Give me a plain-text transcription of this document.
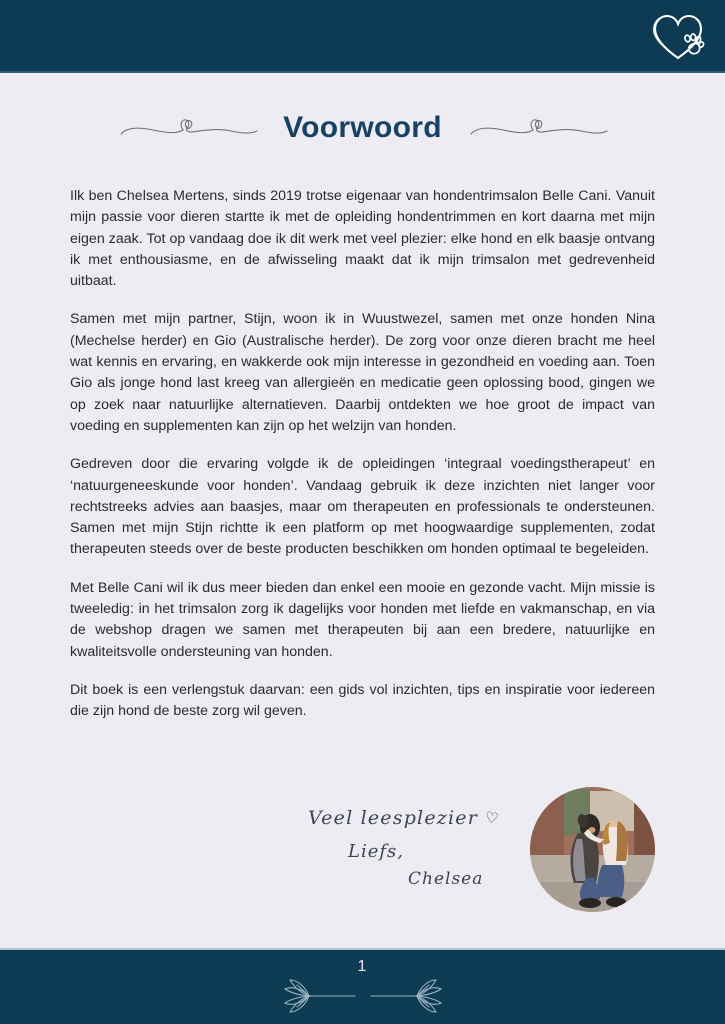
Voorwoord

Ilk ben Chelsea Mertens, sinds 2019 trotse eigenaar van hondentrimsalon Belle Cani. Vanuit mijn passie voor dieren startte ik met de opleiding hondentrimmen en kort daarna met mijn eigen zaak. Tot op vandaag doe ik dit werk met veel plezier: elke hond en elk baasje ontvang ik met enthousiasme, en de afwisseling maakt dat ik mijn trimsalon met gedrevenheid uitbaat.

Samen met mijn partner, Stijn, woon ik in Wuustwezel, samen met onze honden Nina (Mechelse herder) en Gio (Australische herder). De zorg voor onze dieren bracht me heel wat kennis en ervaring, en wakkerde ook mijn interesse in gezondheid en voeding aan. Toen Gio als jonge hond last kreeg van allergieën en medicatie geen oplossing bood, gingen we op zoek naar natuurlijke alternatieven. Daarbij ontdekten we hoe groot de impact van voeding en supplementen kan zijn op het welzijn van honden.

Gedreven door die ervaring volgde ik de opleidingen ‘integraal voedingstherapeut’ en ‘natuurgeneeskunde voor honden’. Vandaag gebruik ik deze inzichten niet langer voor rechtstreeks advies aan baasjes, maar om therapeuten en professionals te ondersteunen. Samen met mijn Stijn richtte ik een platform op met hoogwaardige supplementen, zodat therapeuten steeds over de beste producten beschikken om honden optimaal te begeleiden.

Met Belle Cani wil ik dus meer bieden dan enkel een mooie en gezonde vacht. Mijn missie is tweeledig: in het trimsalon zorg ik dagelijks voor honden met liefde en vakmanschap, en via de webshop dragen we samen met therapeuten bij aan een bredere, natuurlijke en kwaliteitsvolle ondersteuning van honden.

Dit boek is een verlengstuk daarvan: een gids vol inzichten, tips en inspiratie voor iedereen die zijn hond de beste zorg wil geven.

Veel leesplezier ♡
Liefs,
Chelsea
1
